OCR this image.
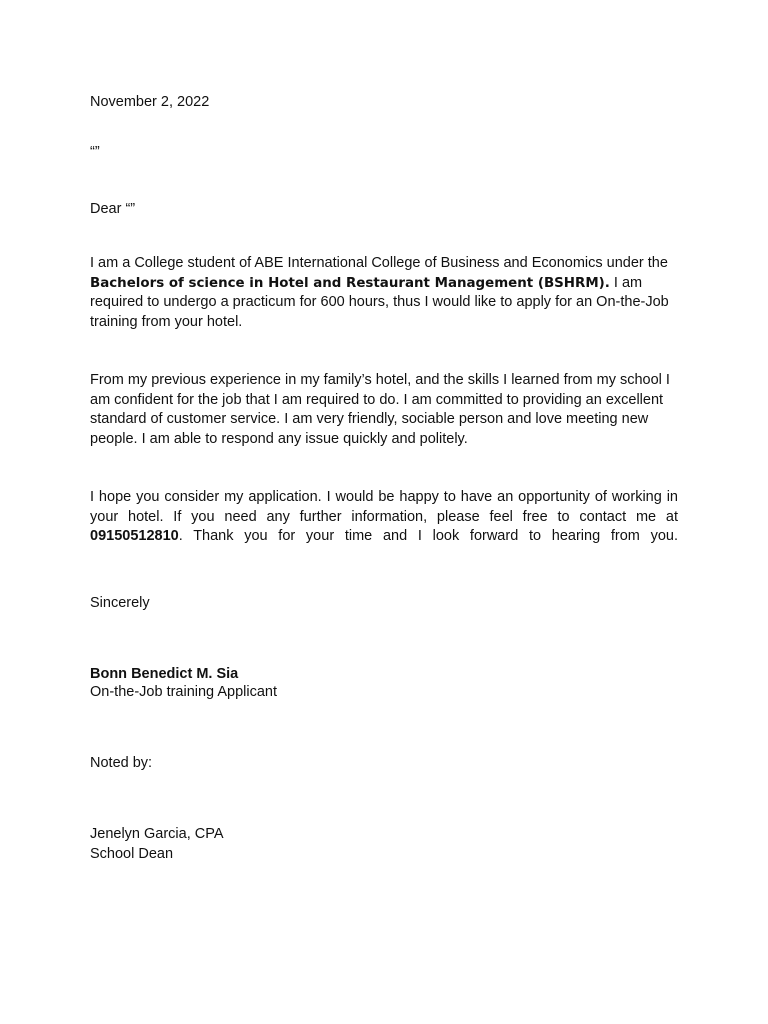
November 2, 2022
“”
Dear “”
I am a College student of ABE International College of Business and Economics under the Bachelors of science in Hotel and Restaurant Management (BSHRM). I am required to undergo a practicum for 600 hours, thus I would like to apply for an On-the-Job training from your hotel.
From my previous experience in my family’s hotel, and the skills I learned from my school I am confident for the job that I am required to do. I am committed to providing an excellent standard of customer service. I am very friendly, sociable person and love meeting new people. I am able to respond any issue quickly and politely.
I hope you consider my application. I would be happy to have an opportunity of working in your hotel. If you need any further information, please feel free to contact me at 09150512810. Thank you for your time and I look forward to hearing from you.
Sincerely
Bonn Benedict M. Sia
On-the-Job training Applicant
Noted by:
Jenelyn Garcia, CPA
School Dean
